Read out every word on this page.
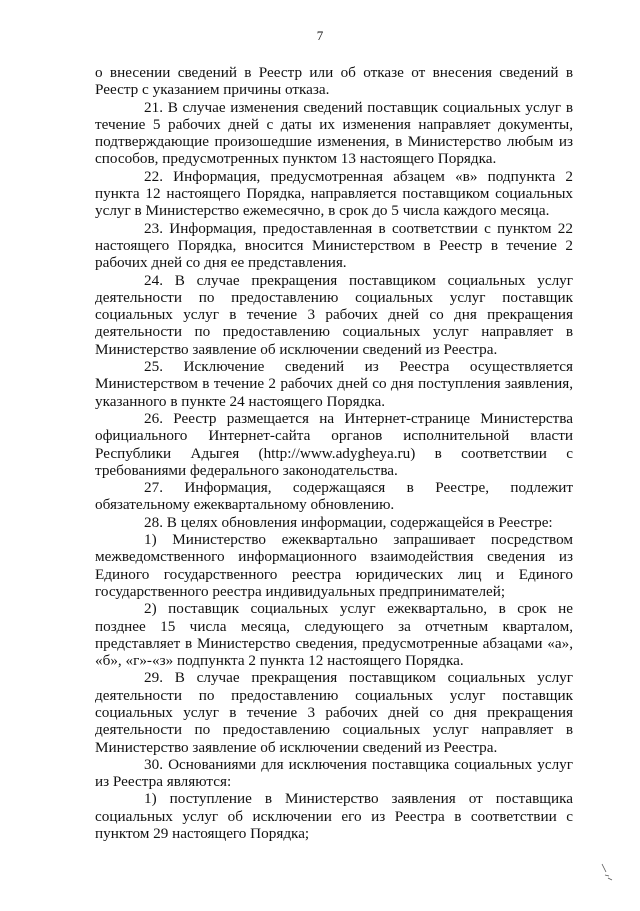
7

о внесении сведений в Реестр или об отказе от внесения сведений в Реестр с указанием причины отказа.

21. В случае изменения сведений поставщик социальных услуг в течение 5 рабочих дней с даты их изменения направляет документы, подтверждающие произошедшие изменения, в Министерство любым из способов, предусмотренных пунктом 13 настоящего Порядка.

22. Информация, предусмотренная абзацем «в» подпункта 2 пункта 12 настоящего Порядка, направляется поставщиком социальных услуг в Министерство ежемесячно, в срок до 5 числа каждого месяца.

23. Информация, предоставленная в соответствии с пунктом 22 настоящего Порядка, вносится Министерством в Реестр в течение 2 рабочих дней со дня ее представления.

24. В случае прекращения поставщиком социальных услуг деятельности по предоставлению социальных услуг поставщик социальных услуг в течение 3 рабочих дней со дня прекращения деятельности по предоставлению социальных услуг направляет в Министерство заявление об исключении сведений из Реестра.

25. Исключение сведений из Реестра осуществляется Министерством в течение 2 рабочих дней со дня поступления заявления, указанного в пункте 24 настоящего Порядка.

26. Реестр размещается на Интернет-странице Министерства официального Интернет-сайта органов исполнительной власти Республики Адыгея (http://www.adygheya.ru) в соответствии с требованиями федерального законодательства.

27. Информация, содержащаяся в Реестре, подлежит обязательному ежеквартальному обновлению.

28. В целях обновления информации, содержащейся в Реестре:

1) Министерство ежеквартально запрашивает посредством межведомственного информационного взаимодействия сведения из Единого государственного реестра юридических лиц и Единого государственного реестра индивидуальных предпринимателей;

2) поставщик социальных услуг ежеквартально, в срок не позднее 15 числа месяца, следующего за отчетным кварталом, представляет в Министерство сведения, предусмотренные абзацами «а», «б», «г»-«з» подпункта 2 пункта 12 настоящего Порядка.

29. В случае прекращения поставщиком социальных услуг деятельности по предоставлению социальных услуг поставщик социальных услуг в течение 3 рабочих дней со дня прекращения деятельности по предоставлению социальных услуг направляет в Министерство заявление об исключении сведений из Реестра.

30. Основаниями для исключения поставщика социальных услуг из Реестра являются:

1) поступление в Министерство заявления от поставщика социальных услуг об исключении его из Реестра в соответствии с пунктом 29 настоящего Порядка;
